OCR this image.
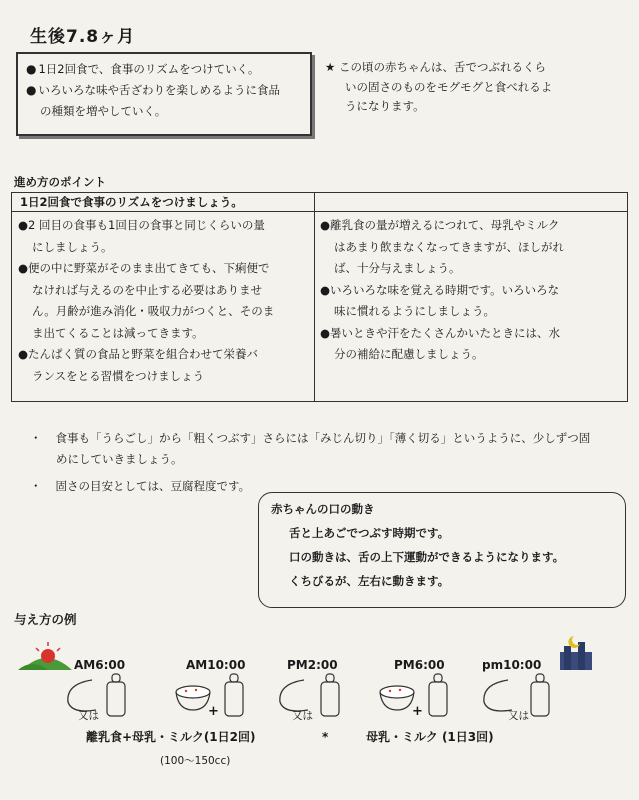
生後7.8ヶ月
● 1日2回食で、食事のリズムをつけていく。
● いろいろな味や舌ざわりを楽しめるように食品
の種類を増やしていく。
★ この頃の赤ちゃんは、舌でつぶれるくら
いの固さのものをモグモグと食べれるよ
うになります。
進め方のポイント
1日2回食で食事のリズムをつけましょう。
●2 回目の食事も1回目の食事と同じくらいの量
にしましょう。
●便の中に野菜がそのまま出てきても、下痢便で
なければ与えるのを中止する必要はありませ
ん。月齢が進み消化・吸収力がつくと、そのま
ま出てくることは減ってきます。
●たんぱく質の食品と野菜を組合わせて栄養バ
ランスをとる習慣をつけましょう
●離乳食の量が増えるにつれて、母乳やミルク
はあまり飲まなくなってきますが、ほしがれ
ば、十分与えましょう。
●いろいろな味を覚える時期です。いろいろな
味に慣れるようにしましょう。
●暑いときや汗をたくさんかいたときには、水
分の補給に配慮しましょう。
・ 食事も「うらごし」から「粗くつぶす」さらには「みじん切り」「薄く切る」というように、少しずつ固
めにしていきましょう。
・ 固さの目安としては、豆腐程度です。
赤ちゃんの口の動き
舌と上あごでつぶす時期です。
口の動きは、舌の上下運動ができるようになります。
くちびるが、左右に動きます。
与え方の例
AM6:00	AM10:00	PM2:00	PM6:00	pm10:00
又は	+	又は	+	又は
離乳食+母乳・ミルク(1日2回)	*	母乳・ミルク (1日3回)
(100〜150cc)
